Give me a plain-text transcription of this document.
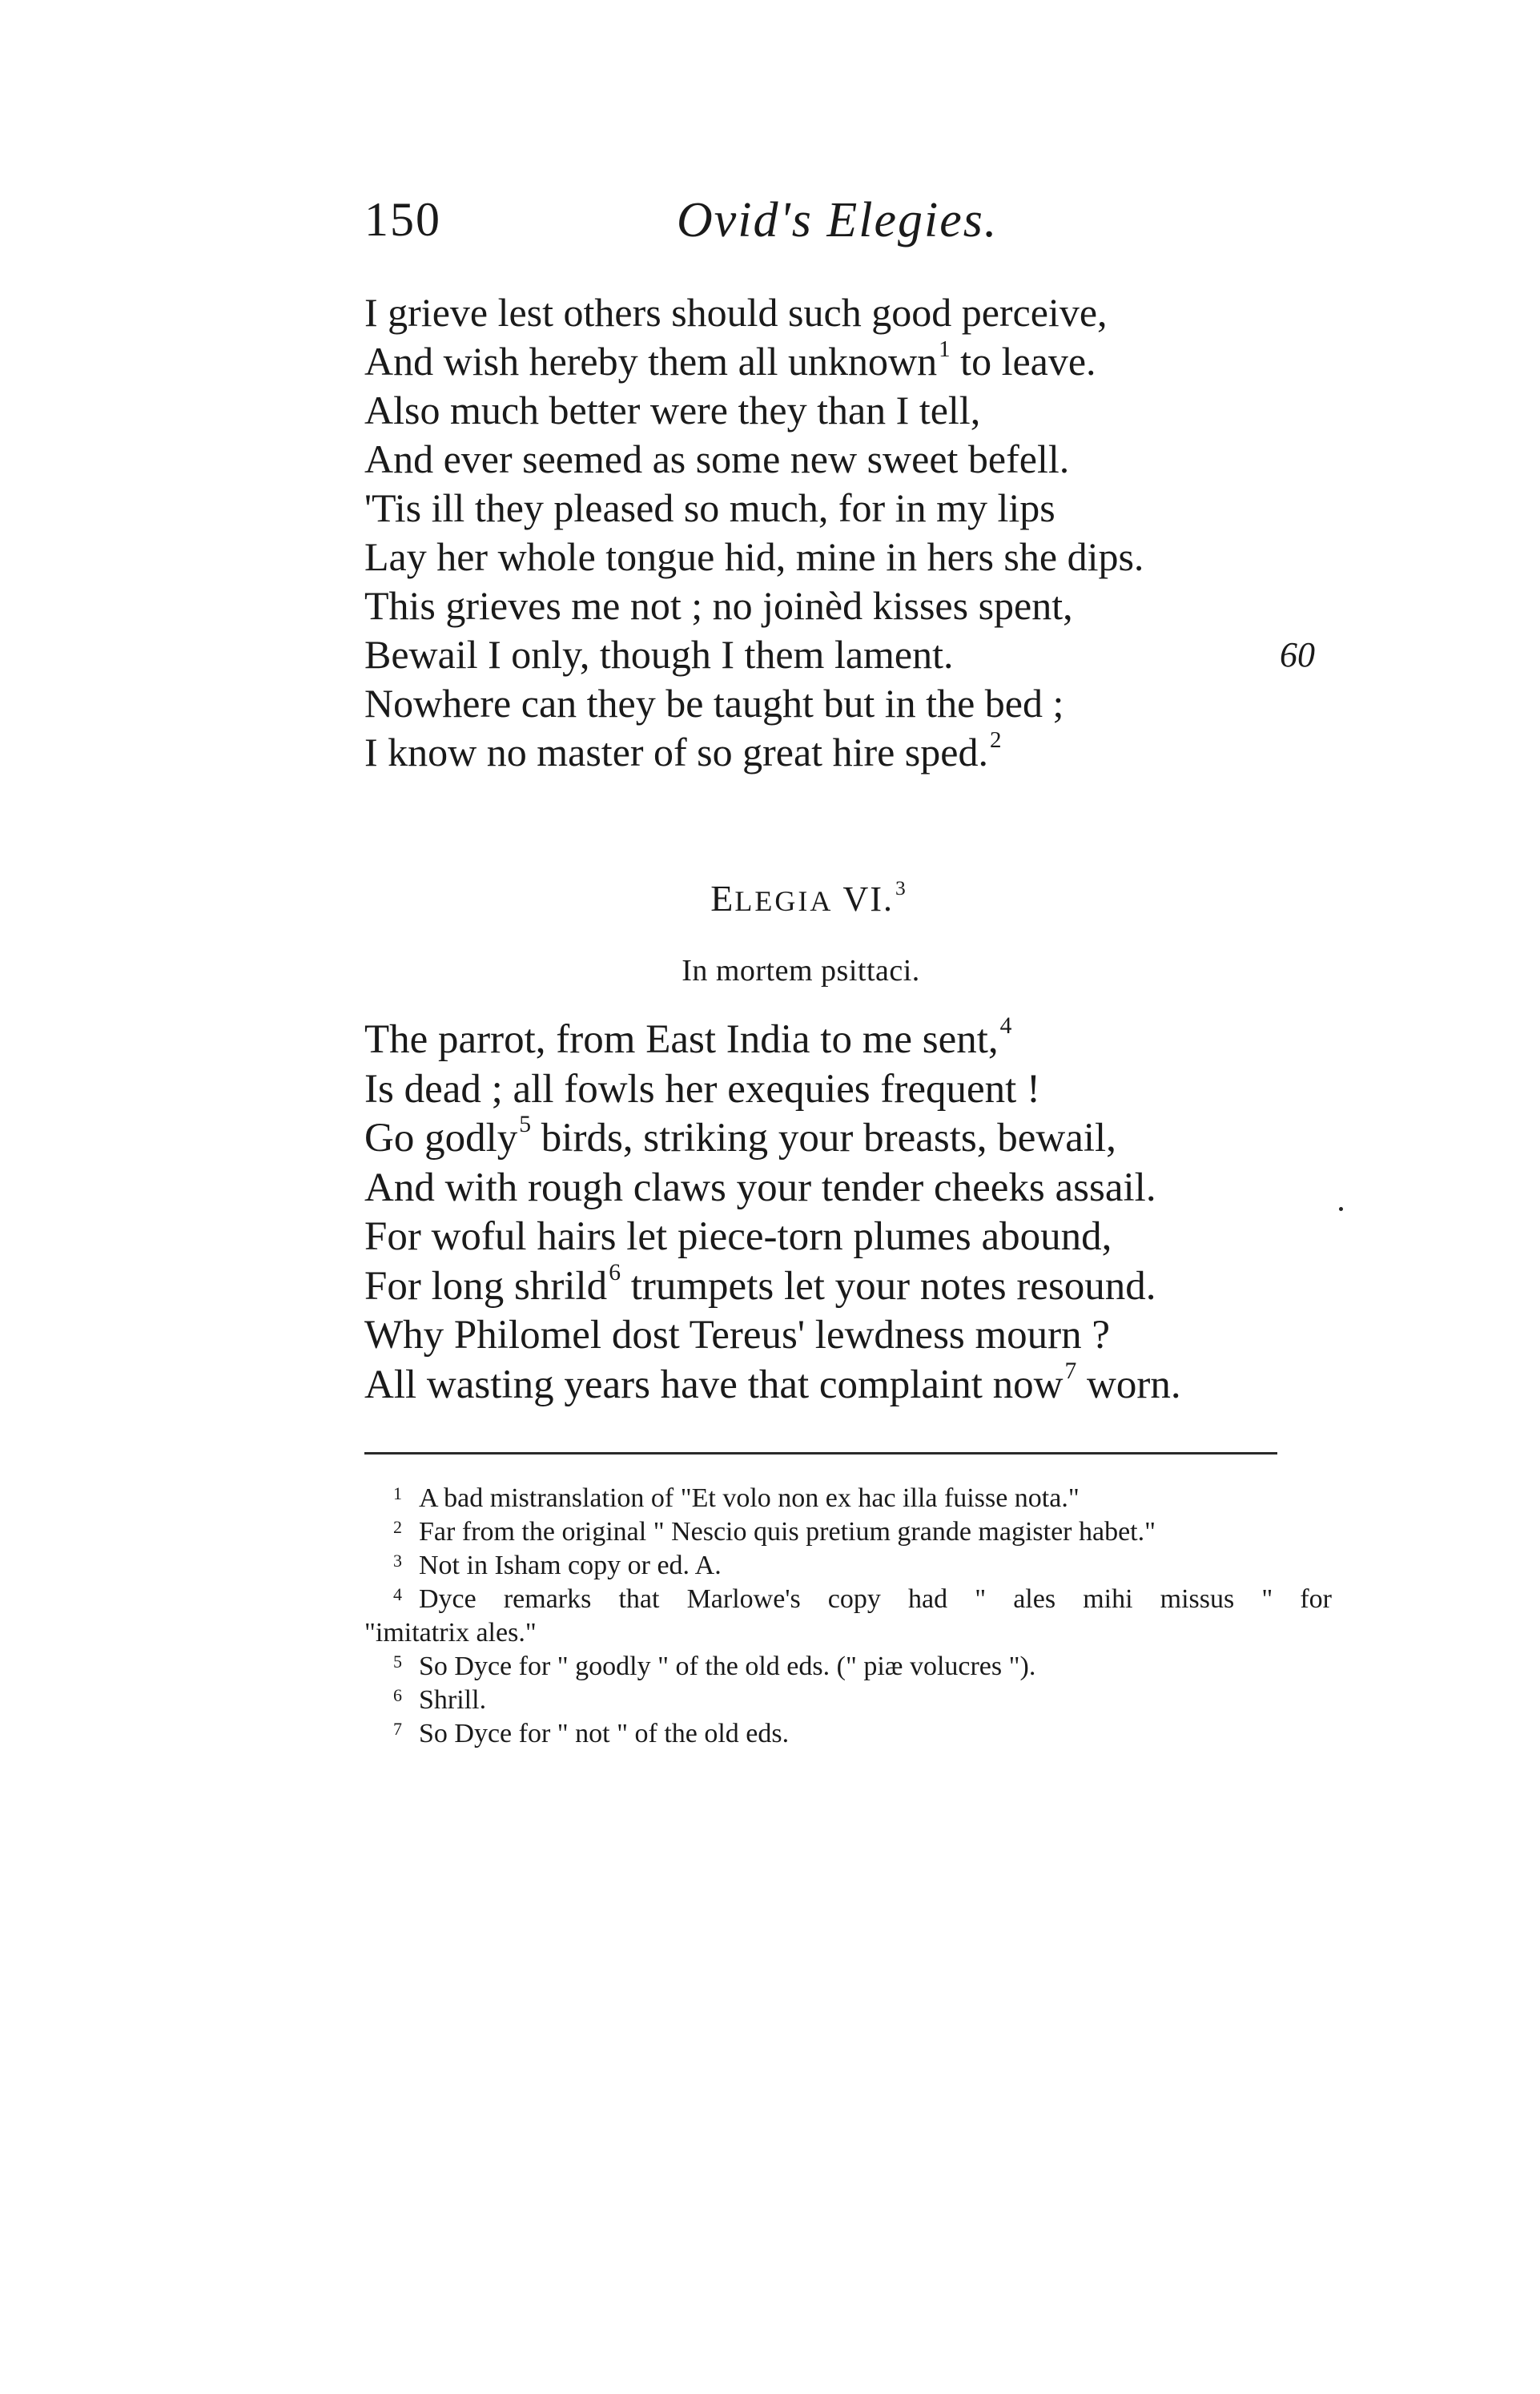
150	Ovid's Elegies.
I grieve lest others should such good perceive,
And wish hereby them all unknown$^1$ to leave.
Also much better were they than I tell,
And ever seemed as some new sweet befell.
'Tis ill they pleased so much, for in my lips
Lay her whole tongue hid, mine in hers she dips.
This grieves me not ; no joinèd kisses spent,
Bewail I only, though I them lament.	60
Nowhere can they be taught but in the bed ;
I know no master of so great hire sped.$^2$
ELEGIA VI.$^3$
In mortem psittaci.
The parrot, from East India to me sent,$^4$
Is dead ; all fowls her exequies frequent !
Go godly$^5$ birds, striking your breasts, bewail,
And with rough claws your tender cheeks assail.
For woful hairs let piece-torn plumes abound,
For long shrild$^6$ trumpets let your notes resound.
Why Philomel dost Tereus' lewdness mourn ?
All wasting years have that complaint now$^7$ worn.
1 A bad mistranslation of "Et volo non ex hac illa fuisse nota."
2 Far from the original " Nescio quis pretium grande magister habet."
3 Not in Isham copy or ed. A.
4 Dyce remarks that Marlowe's copy had " ales mihi missus " for
"imitatrix ales."
5 So Dyce for " goodly " of the old eds. (" piæ volucres ").
6 Shrill.
7 So Dyce for " not " of the old eds.
